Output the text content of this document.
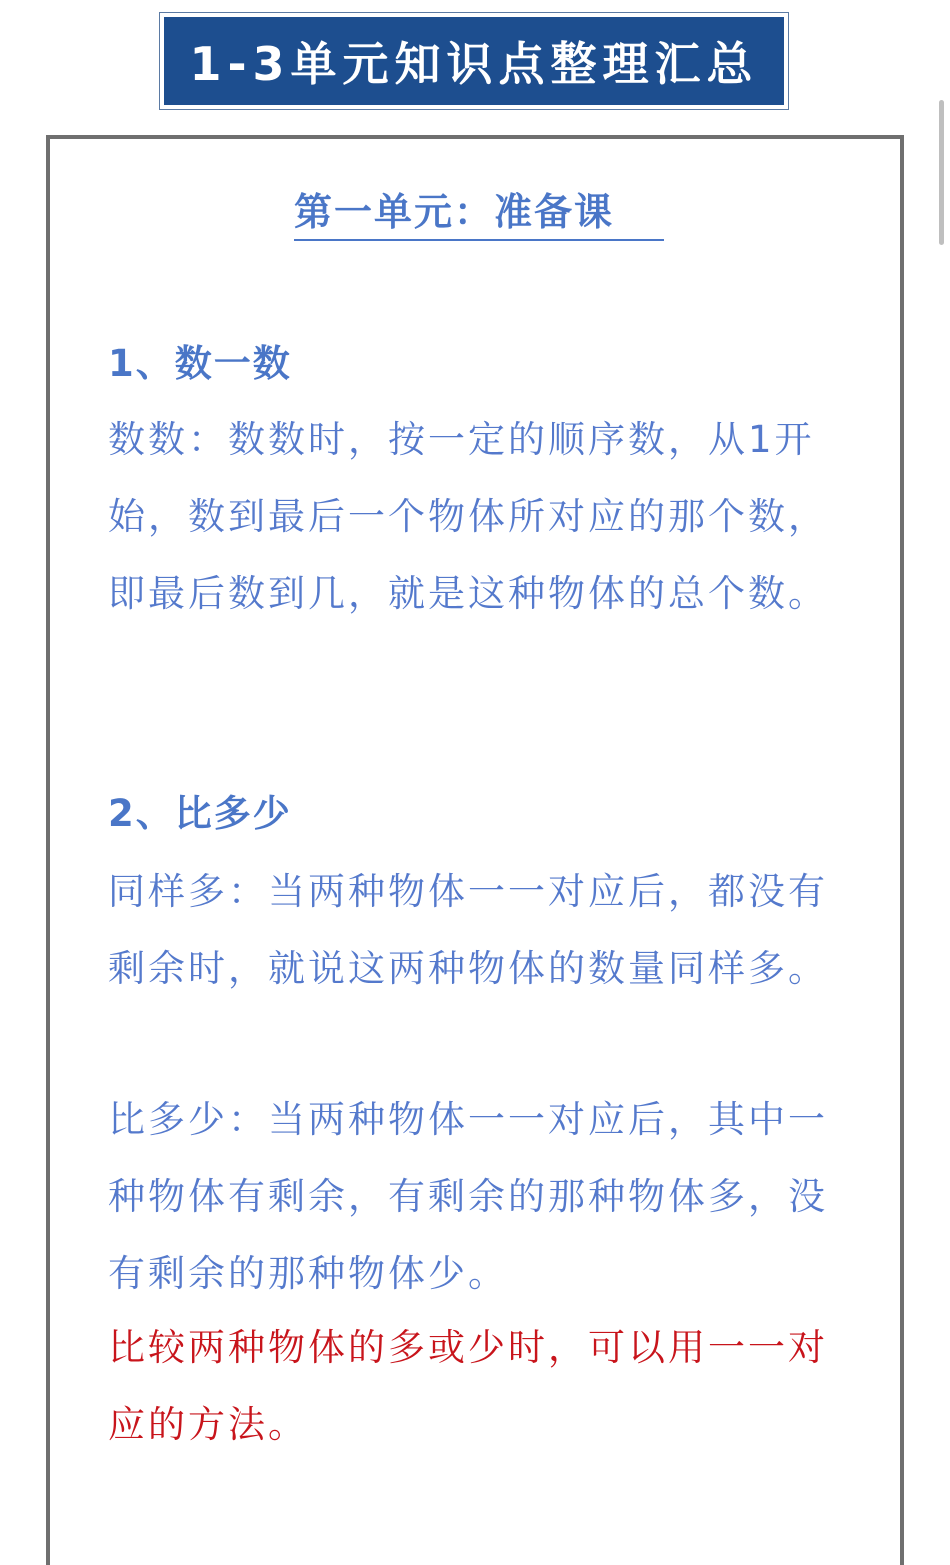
1-3单元知识点整理汇总
第一单元：准备课
1、数一数
数数：数数时，按一定的顺序数，从1开始，数到最后一个物体所对应的那个数，即最后数到几，就是这种物体的总个数。
2、比多少
同样多：当两种物体一一对应后，都没有剩余时，就说这两种物体的数量同样多。
比多少：当两种物体一一对应后，其中一种物体有剩余，有剩余的那种物体多，没有剩余的那种物体少。
比较两种物体的多或少时，可以用一一对应的方法。
